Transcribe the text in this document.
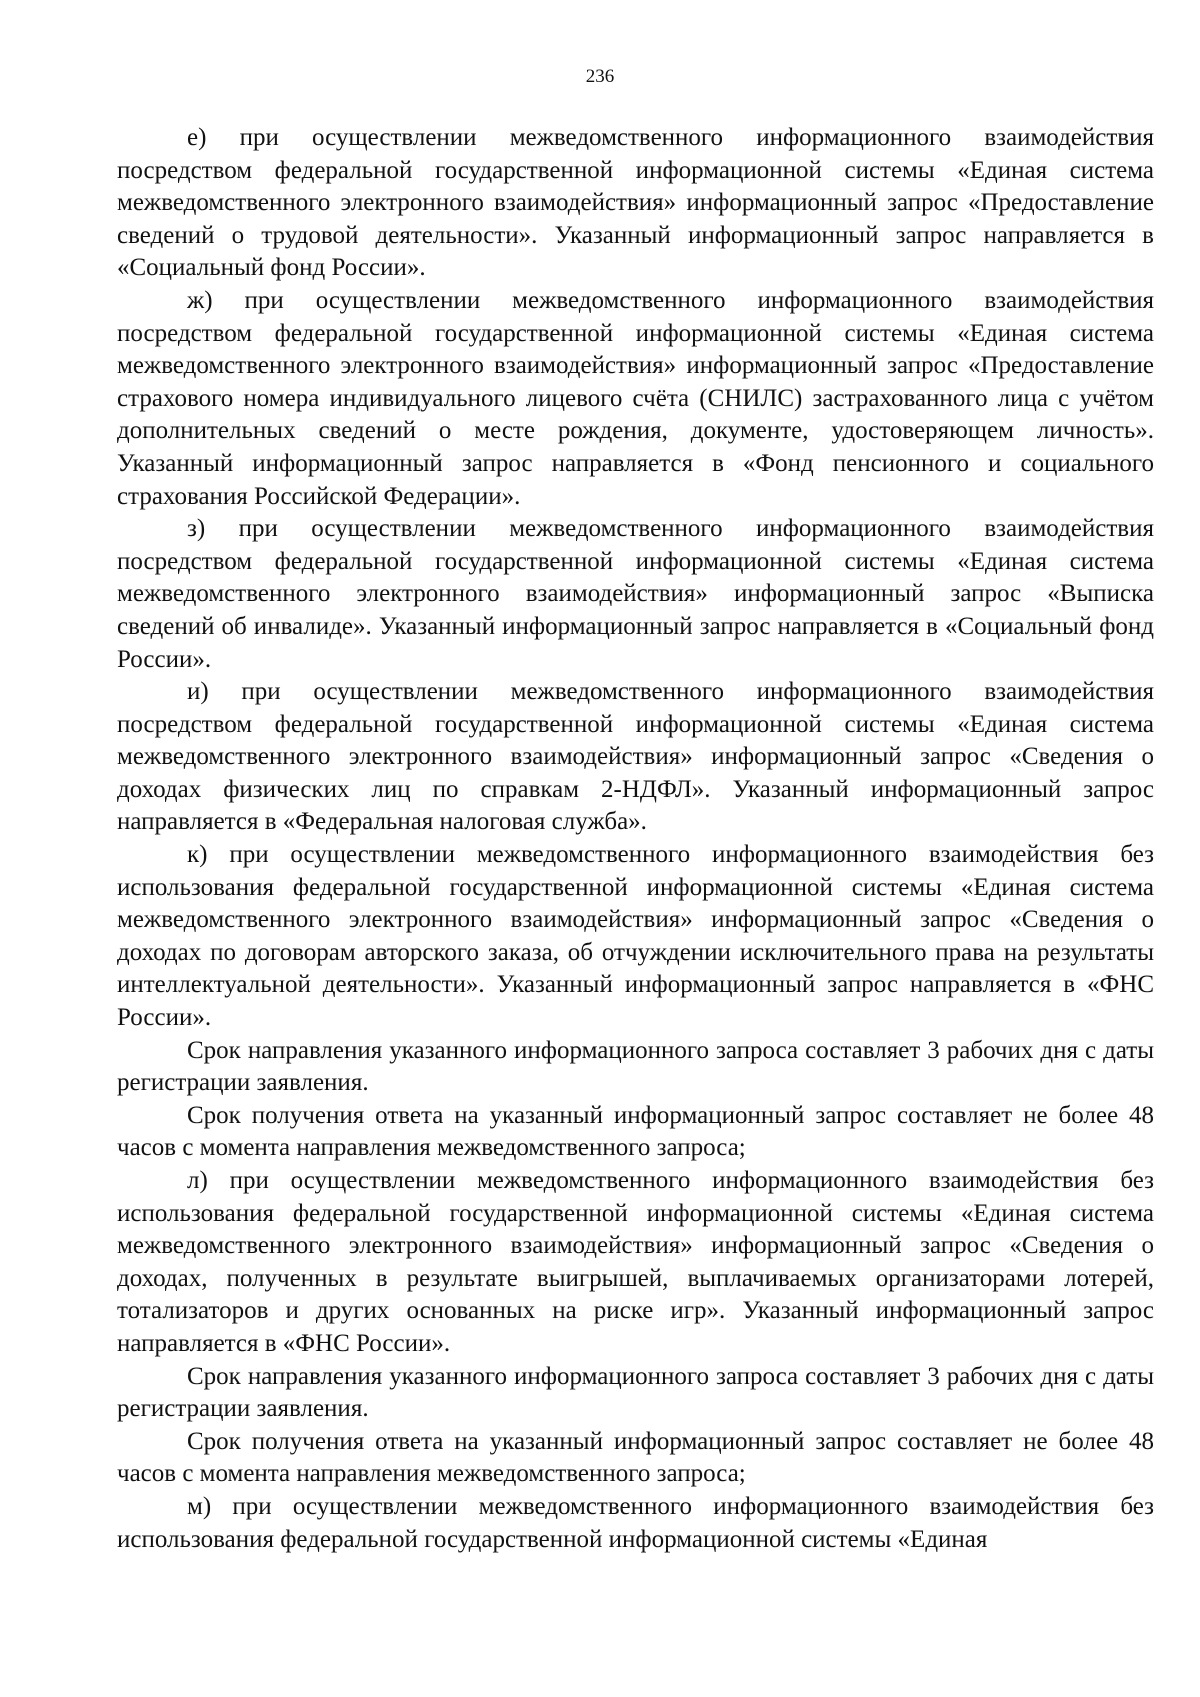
236

е) при осуществлении межведомственного информационного взаимодействия посредством федеральной государственной информационной системы «Единая система межведомственного электронного взаимодействия» информационный запрос «Предоставление сведений о трудовой деятельности». Указанный информационный запрос направляется в «Социальный фонд России».

ж) при осуществлении межведомственного информационного взаимодействия посредством федеральной государственной информационной системы «Единая система межведомственного электронного взаимодействия» информационный запрос «Предоставление страхового номера индивидуального лицевого счёта (СНИЛС) застрахованного лица с учётом дополнительных сведений о месте рождения, документе, удостоверяющем личность». Указанный информационный запрос направляется в «Фонд пенсионного и социального страхования Российской Федерации».

з) при осуществлении межведомственного информационного взаимодействия посредством федеральной государственной информационной системы «Единая система межведомственного электронного взаимодействия» информационный запрос «Выписка сведений об инвалиде». Указанный информационный запрос направляется в «Социальный фонд России».

и) при осуществлении межведомственного информационного взаимодействия посредством федеральной государственной информационной системы «Единая система межведомственного электронного взаимодействия» информационный запрос «Сведения о доходах физических лиц по справкам 2-НДФЛ». Указанный информационный запрос направляется в «Федеральная налоговая служба».

к) при осуществлении межведомственного информационного взаимодействия без использования федеральной государственной информационной системы «Единая система межведомственного электронного взаимодействия» информационный запрос «Сведения о доходах по договорам авторского заказа, об отчуждении исключительного права на результаты интеллектуальной деятельности». Указанный информационный запрос направляется в «ФНС России».

Срок направления указанного информационного запроса составляет 3 рабочих дня с даты регистрации заявления.

Срок получения ответа на указанный информационный запрос составляет не более 48 часов с момента направления межведомственного запроса;

л) при осуществлении межведомственного информационного взаимодействия без использования федеральной государственной информационной системы «Единая система межведомственного электронного взаимодействия» информационный запрос «Сведения о доходах, полученных в результате выигрышей, выплачиваемых организаторами лотерей, тотализаторов и других основанных на риске игр». Указанный информационный запрос направляется в «ФНС России».

Срок направления указанного информационного запроса составляет 3 рабочих дня с даты регистрации заявления.

Срок получения ответа на указанный информационный запрос составляет не более 48 часов с момента направления межведомственного запроса;

м) при осуществлении межведомственного информационного взаимодействия без использования федеральной государственной информационной системы «Единая
